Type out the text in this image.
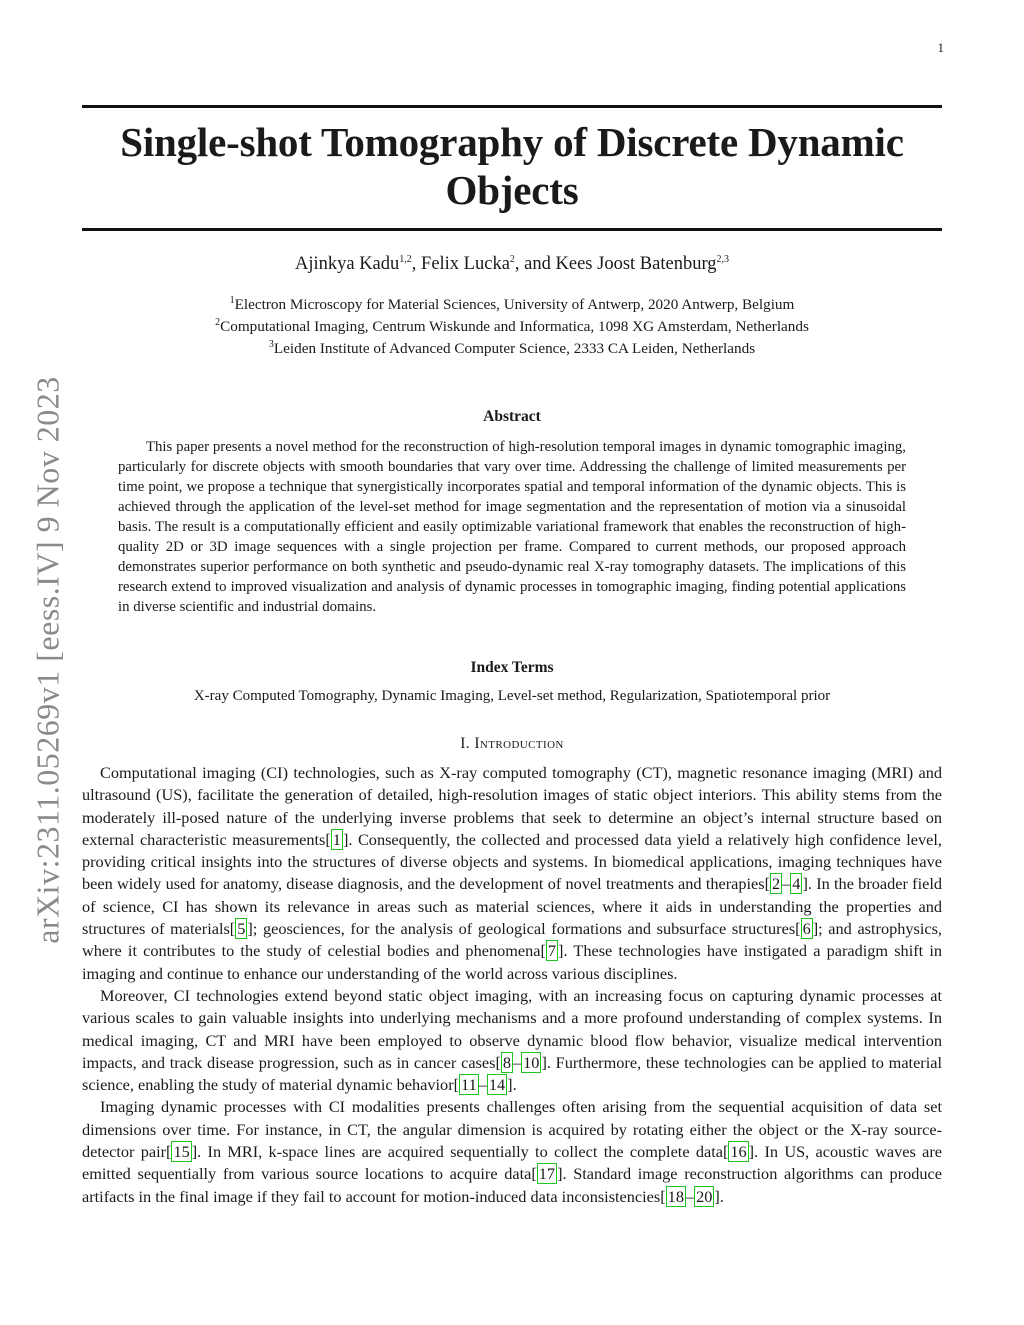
1
Single-shot Tomography of Discrete Dynamic Objects
Ajinkya Kadu$^{1,2}$, Felix Lucka$^2$, and Kees Joost Batenburg$^{2,3}$
$^1$Electron Microscopy for Material Sciences, University of Antwerp, 2020 Antwerp, Belgium
$^2$Computational Imaging, Centrum Wiskunde and Informatica, 1098 XG Amsterdam, Netherlands
$^3$Leiden Institute of Advanced Computer Science, 2333 CA Leiden, Netherlands
arXiv:2311.05269v1 [eess.IV] 9 Nov 2023	Abstract

This paper presents a novel method for the reconstruction of high-resolution temporal images in dynamic tomographic imaging, particularly for discrete objects with smooth boundaries that vary over time. Addressing the challenge of limited measurements per time point, we propose a technique that synergistically incorporates spatial and temporal information of the dynamic objects. This is achieved through the application of the level-set method for image segmentation and the representation of motion via a sinusoidal basis. The result is a computationally efficient and easily optimizable variational framework that enables the reconstruction of high-quality 2D or 3D image sequences with a single projection per frame. Compared to current methods, our proposed approach demonstrates superior performance on both synthetic and pseudo-dynamic real X-ray tomography datasets. The implications of this research extend to improved visualization and analysis of dynamic processes in tomographic imaging, finding potential applications in diverse scientific and industrial domains.

Index Terms
X-ray Computed Tomography, Dynamic Imaging, Level-set method, Regularization, Spatiotemporal prior
I. Introduction

Computational imaging (CI) technologies, such as X-ray computed tomography (CT), magnetic resonance imaging (MRI) and ultrasound (US), facilitate the generation of detailed, high-resolution images of static object interiors. This ability stems from the moderately ill-posed nature of the underlying inverse problems that seek to determine an object’s internal structure based on external characteristic measurements[ 1 ]. Consequently, the collected and processed data yield a relatively high confidence level, providing critical insights into the structures of diverse objects and systems. In biomedical applications, imaging techniques have been widely used for anatomy, disease diagnosis, and the development of novel treatments and therapies[ 2 – 4 ]. In the broader field of science, CI has shown its relevance in areas such as material sciences, where it aids in understanding the properties and structures of materials[ 5 ]; geosciences, for the analysis of geological formations and subsurface structures[ 6 ]; and astrophysics, where it contributes to the study of celestial bodies and phenomena[ 7 ]. These technologies have instigated a paradigm shift in imaging and continue to enhance our understanding of the world across various disciplines.

Moreover, CI technologies extend beyond static object imaging, with an increasing focus on capturing dynamic processes at various scales to gain valuable insights into underlying mechanisms and a more profound understanding of complex systems. In medical imaging, CT and MRI have been employed to observe dynamic blood flow behavior, visualize medical intervention impacts, and track disease progression, such as in cancer cases[ 8 – 10 ]. Furthermore, these technologies can be applied to material science, enabling the study of material dynamic behavior[ 11 – 14 ].

Imaging dynamic processes with CI modalities presents challenges often arising from the sequential acquisition of data set dimensions over time. For instance, in CT, the angular dimension is acquired by rotating either the object or the X-ray source-detector pair[ 15 ]. In MRI, k-space lines are acquired sequentially to collect the complete data[ 16 ]. In US, acoustic waves are emitted sequentially from various source locations to acquire data[ 17 ]. Standard image reconstruction algorithms can produce artifacts in the final image if they fail to account for motion-induced data inconsistencies[ 18 – 20 ].
